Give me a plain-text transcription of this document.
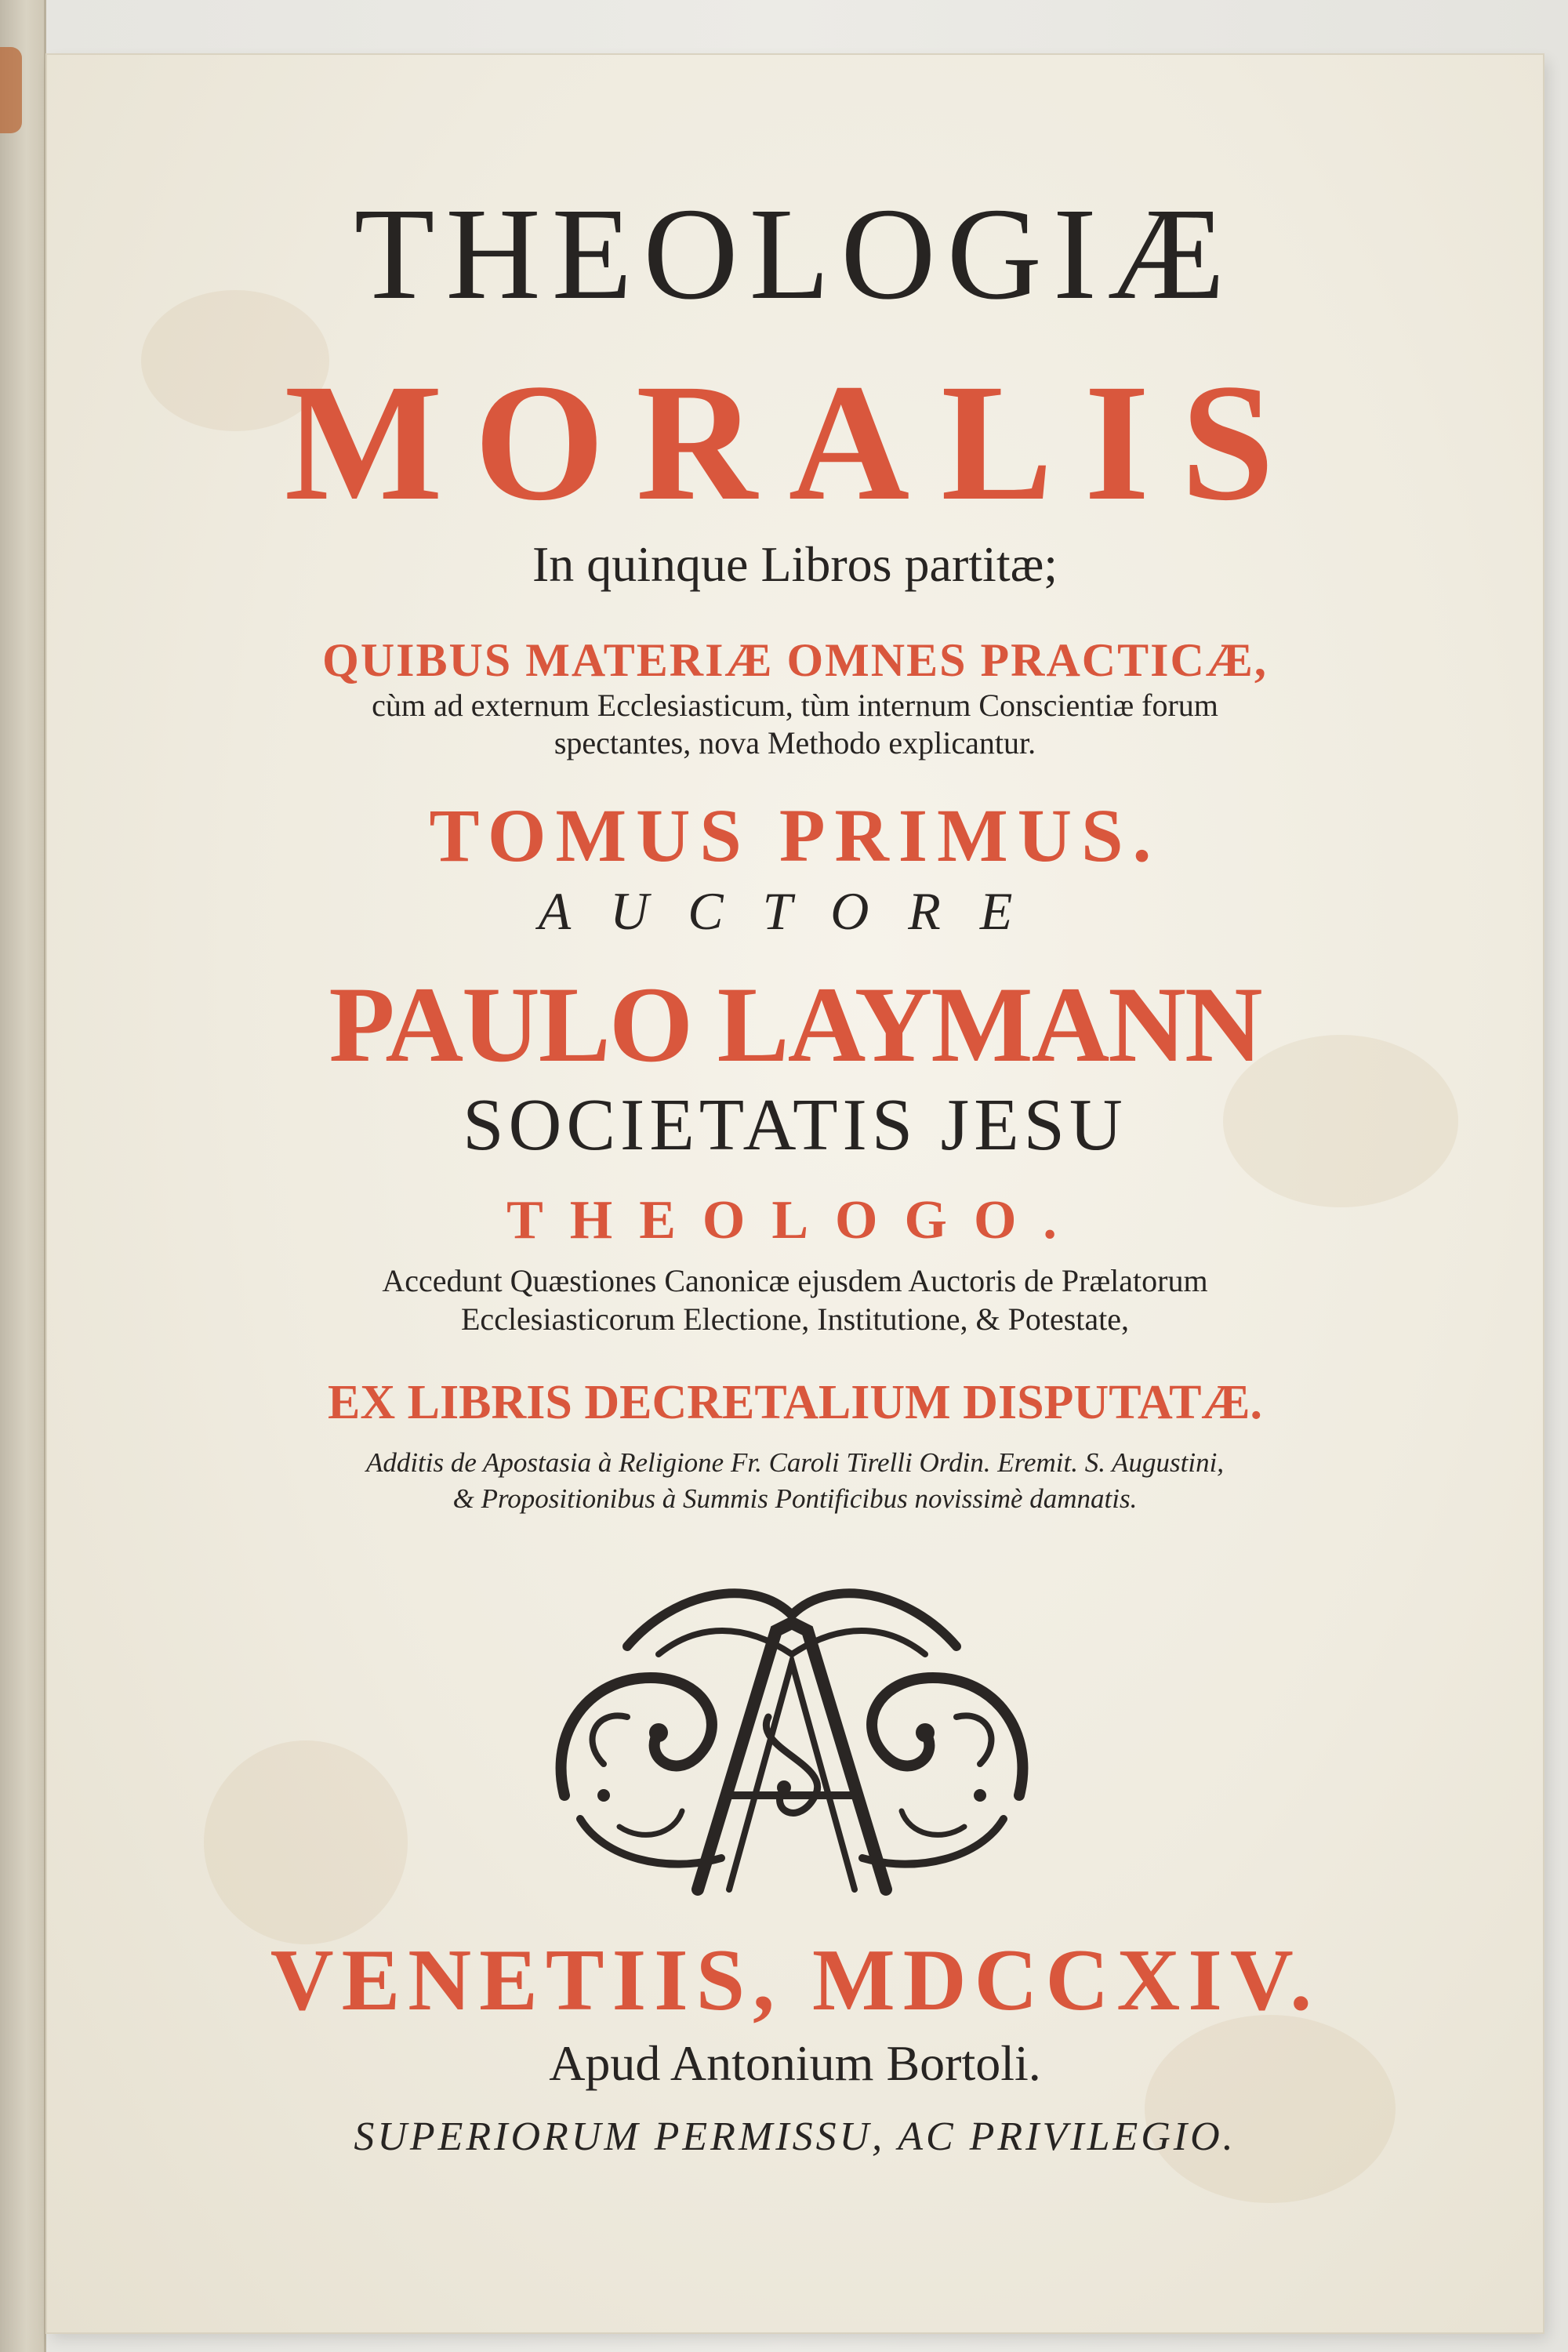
THEOLOGIÆ
MORALIS
In quinque Libros partitæ;
QUIBUS MATERIÆ OMNES PRACTICÆ,
cùm ad externum Ecclesiasticum, tùm internum Conscientiæ forum
spectantes, nova Methodo explicantur.
TOMUS PRIMUS.
AUCTORE
PAULO LAYMANN
SOCIETATIS JESU
THEOLOGO.
Accedunt Quæstiones Canonicæ ejusdem Auctoris de Prælatorum
Ecclesiasticorum Electione, Institutione, & Potestate,
EX LIBRIS DECRETALIUM DISPUTATÆ.
Additis de Apostasia à Religione Fr. Caroli Tirelli Ordin. Eremit. S. Augustini,
& Propositionibus à Summis Pontificibus novissimè damnatis.
VENETIIS, MDCCXIV.
Apud Antonium Bortoli.
SUPERIORUM PERMISSU, AC PRIVILEGIO.
